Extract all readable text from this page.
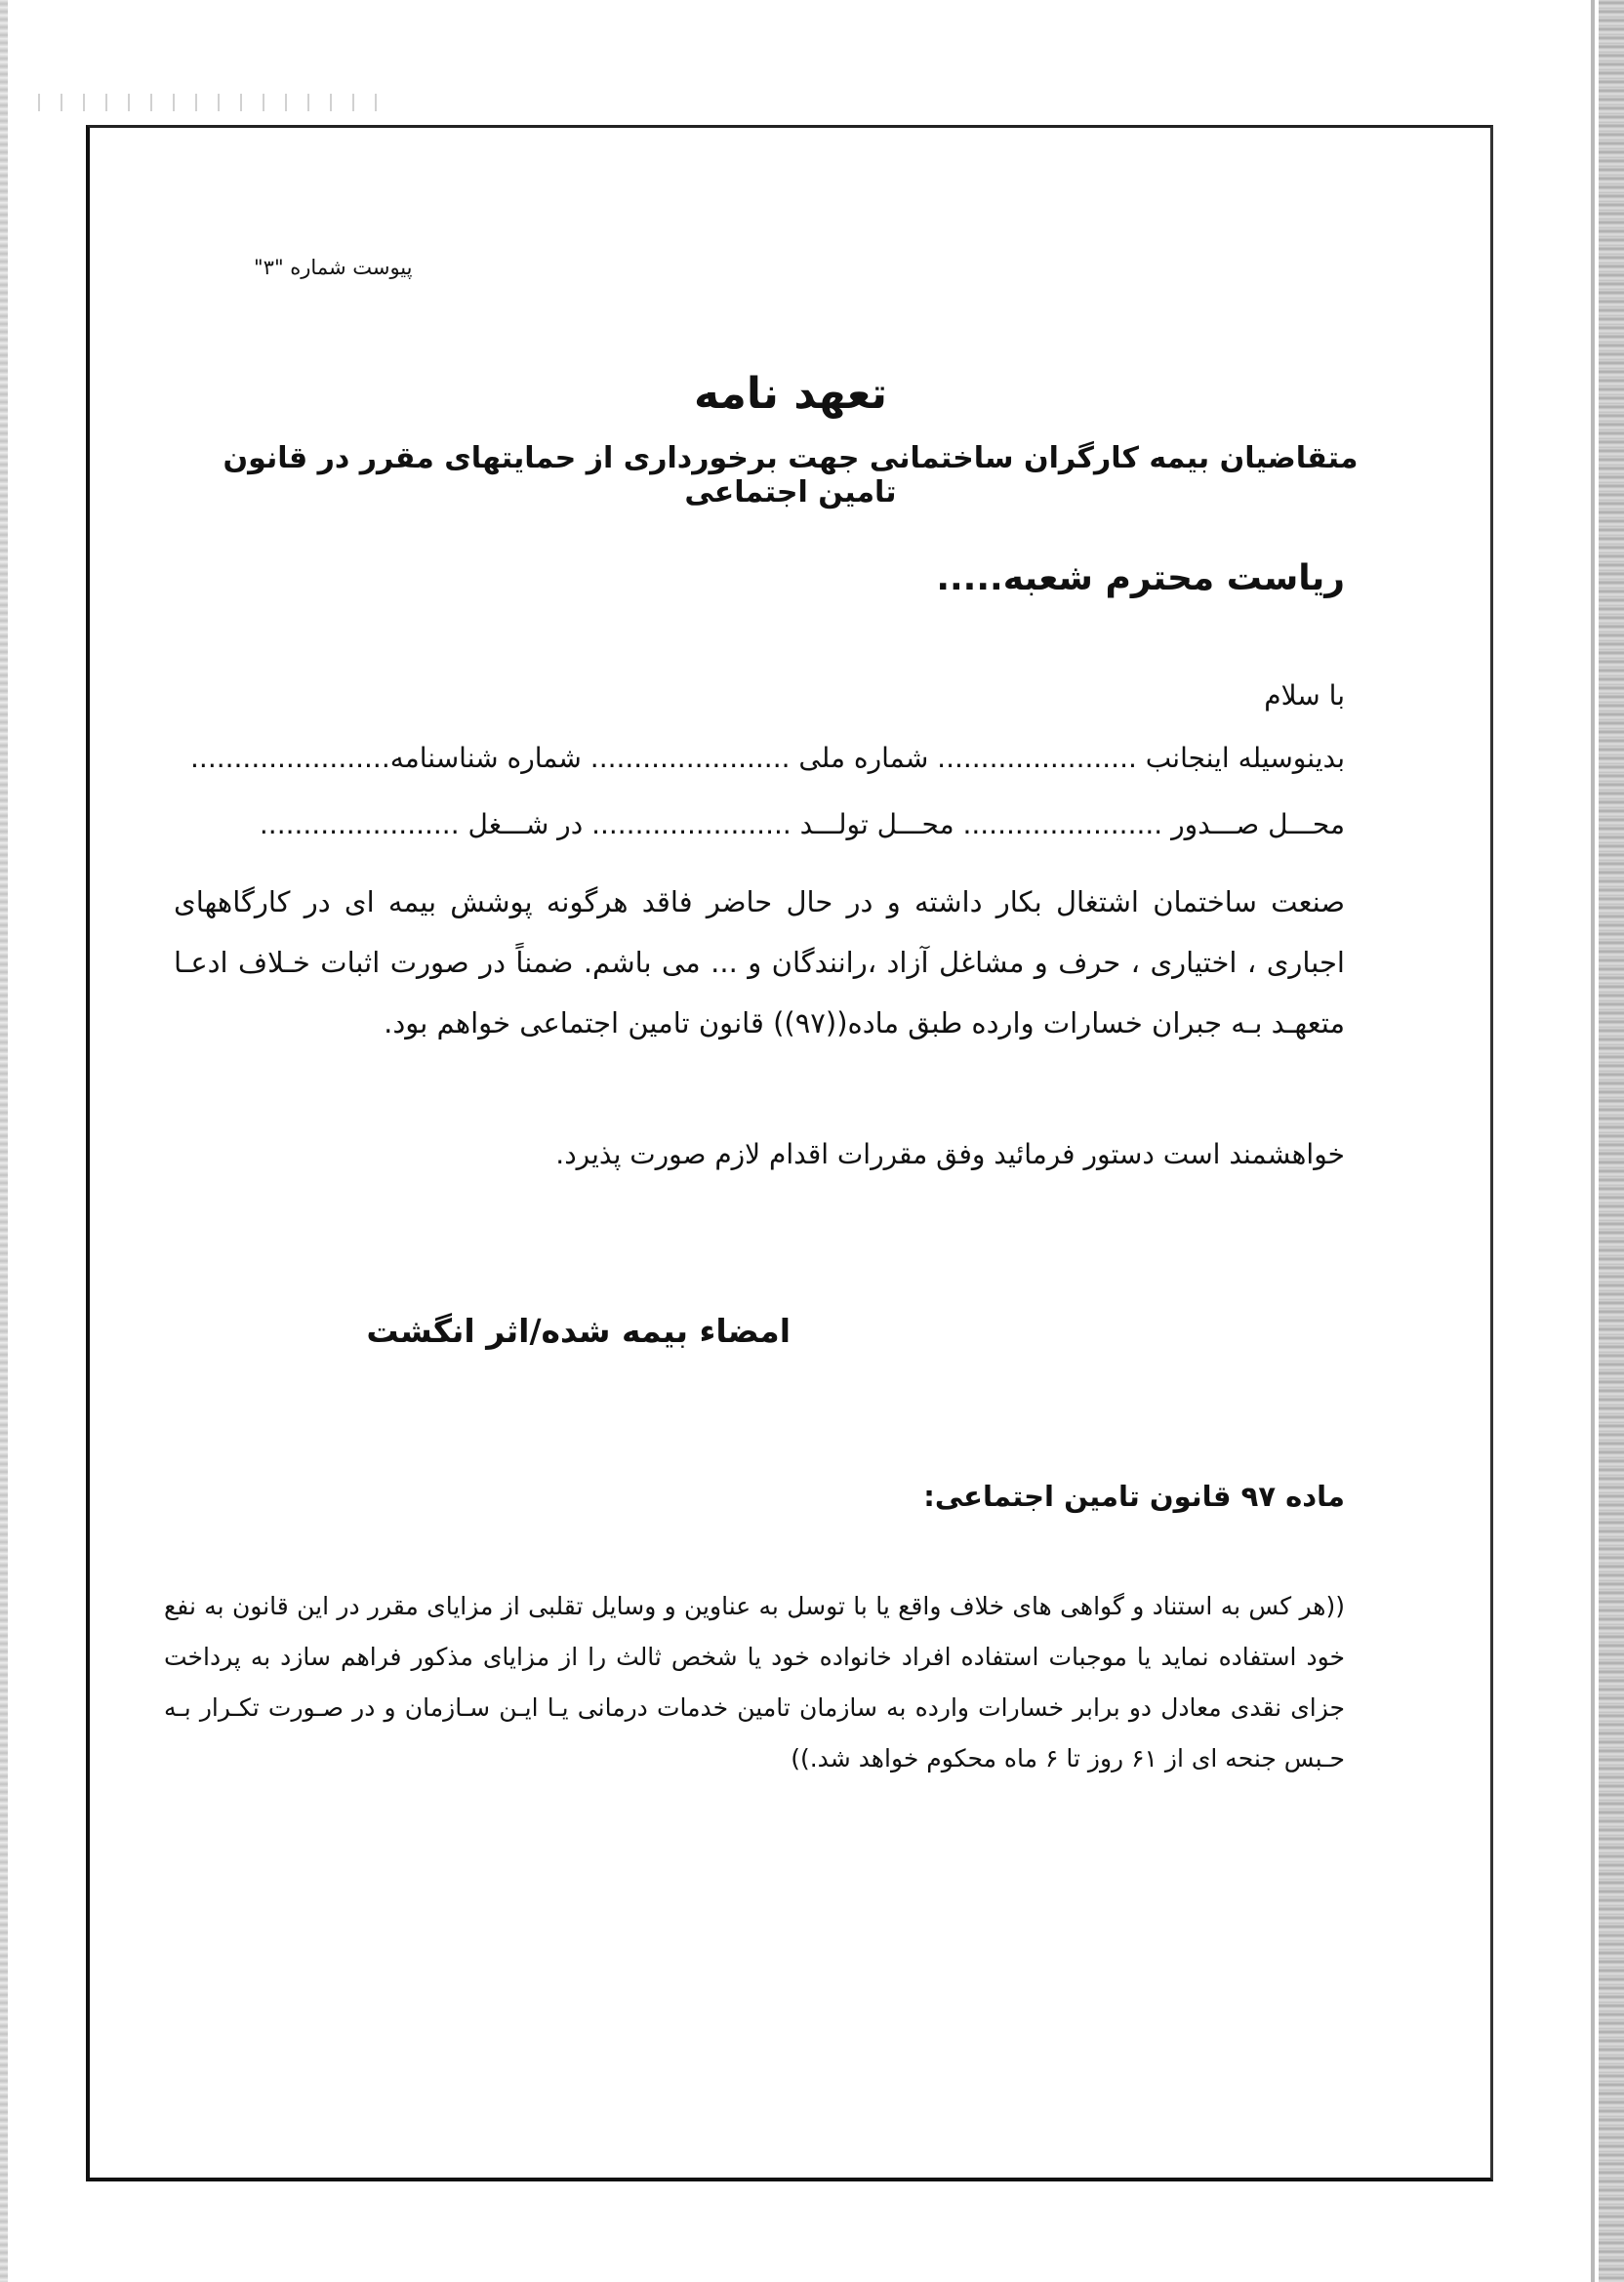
پیوست شماره "۳"
تعهد نامه
متقاضیان بیمه کارگران ساختمانی جهت برخورداری از حمایتهای مقرر در قانون تامین اجتماعی
ریاست محترم شعبه.....
با سلام
بدینوسیله اینجانب ....................... شماره ملی ....................... شماره شناسنامه.......................
محـــل صـــدور ....................... محـــل تولـــد ....................... در شـــغل .......................
صنعت ساختمان اشتغال بکار داشته و در حال حاضر فاقد هرگونه پوشش بیمه ای در کارگاههای اجباری ، اختیاری ، حرف و مشاغل آزاد ،رانندگان و ... می باشم. ضمناً در صورت اثبات خـلاف ادعـا متعهـد بـه جبران خسارات وارده طبق ماده((۹۷)) قانون تامین اجتماعی خواهم بود.
خواهشمند است دستور فرمائید وفق مقررات اقدام لازم صورت پذیرد.
امضاء بیمه شده/اثر انگشت
ماده ۹۷ قانون تامین اجتماعی:
((هر کس به استناد و گواهی های خلاف واقع یا با توسل به عناوین و وسایل تقلبی از مزایای مقرر در این قانون به نفع خود استفاده نماید یا موجبات استفاده افراد خانواده خود یا شخص ثالث را از مزایای مذکور فراهم سازد به پرداخت جزای نقدی معادل دو برابر خسارات وارده به سازمان تامین خدمات درمانی یـا ایـن سـازمان و در صـورت تکـرار بـه حـبس جنحه ای از ۶۱ روز تا ۶ ماه محکوم خواهد شد.))
